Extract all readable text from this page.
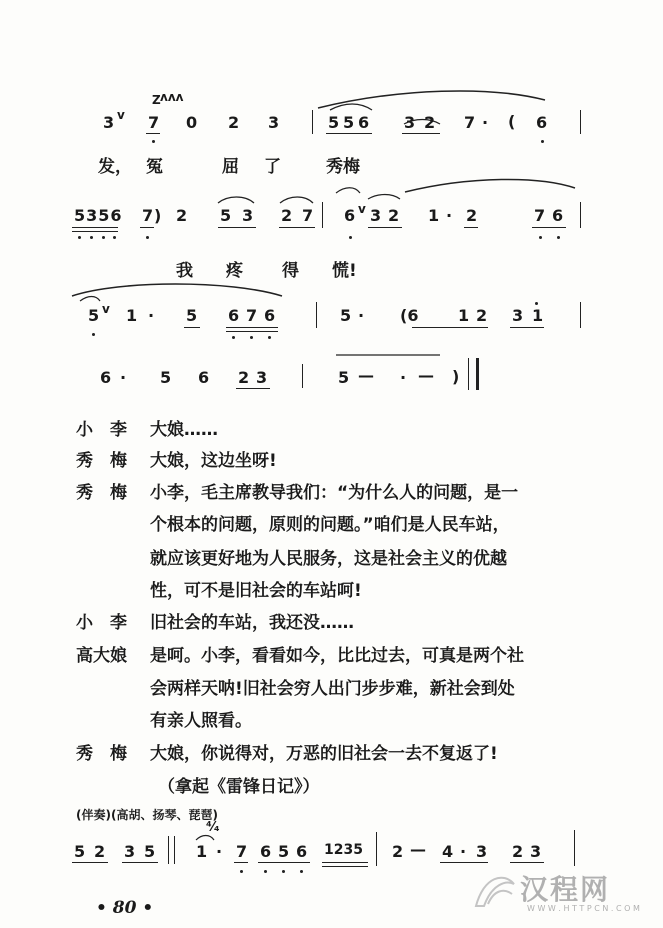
Z ᴧᴧᴧ
3 v 7 0 2 3	5 5 6 3 2 7 · ( 6
发， 冤	屈 了	秀梅
5356 7 ) 2 5 3 2 7 6 v 3 2 1 · 2	7 6
我 疼 得 慌!
5 v 1 · 5 6 7 6	5 · (6 1 2 3 1
6 · 5 6 2 3	5 — · — )
小　李 大娘……
秀　梅 大娘，这边坐呀!
秀　梅 小李，毛主席教导我们：“为什么人的问题，是一
个根本的问题，原则的问题。”咱们是人民车站，
就应该更好地为人民服务，这是社会主义的优越
性，可不是旧社会的车站呵!
小　李 旧社会的车站，我还没……
高大娘 是呵。小李，看看如今，比比过去，可真是两个社
会两样天呐!旧社会穷人出门步步难，新社会到处
有亲人照看。
秀　梅 大娘，你说得对，万恶的旧社会一去不复返了!
（拿起《雷锋日记》）
(伴奏)(高胡、扬琴、琵琶)
⁴⁄₄
5 2 3 5	1 · 7 6 5 6 1235 2 — 4 · 3 2 3
• 80 •
汉程网
W W W . H T T P C N . C O M
